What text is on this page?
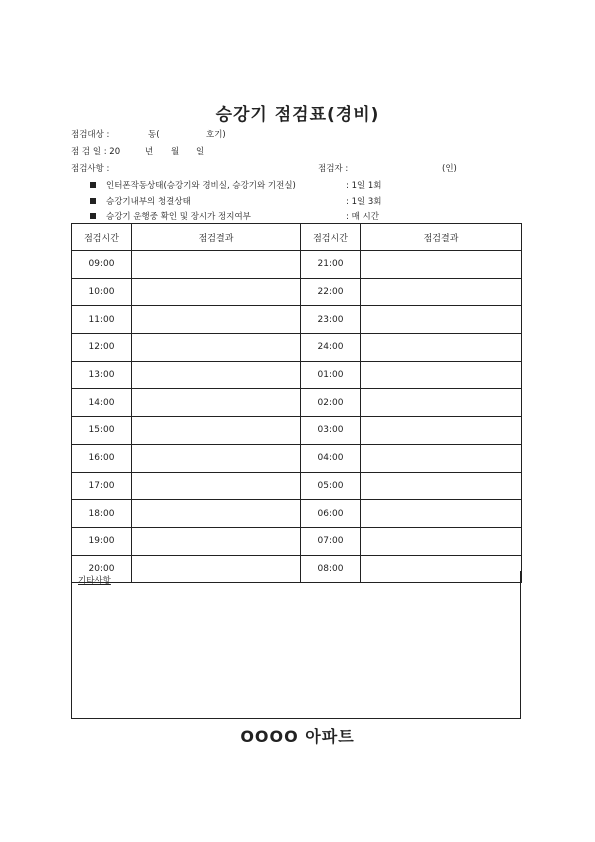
승강기 점검표(경비)
점검대상 :	동(	호기)
점 검 일 : 20	년 월 일
점검사항 :	점검자 :	(인)
인터폰작동상태(승강기와 경비실, 승강기와 기전실)	: 1일 1회
승강기내부의 청결상태	: 1일 3회
승강기 운행중 확인 및 장시가 정지여부	: 매 시간
점검시간	점검결과	점검시간	점검결과
09:00		21:00	
10:00		22:00	
11:00		23:00	
12:00		24:00	
13:00		01:00	
14:00		02:00	
15:00		03:00	
16:00		04:00	
17:00		05:00	
18:00		06:00	
19:00		07:00	
20:00		08:00	
기타사항
OOOO 아파트
